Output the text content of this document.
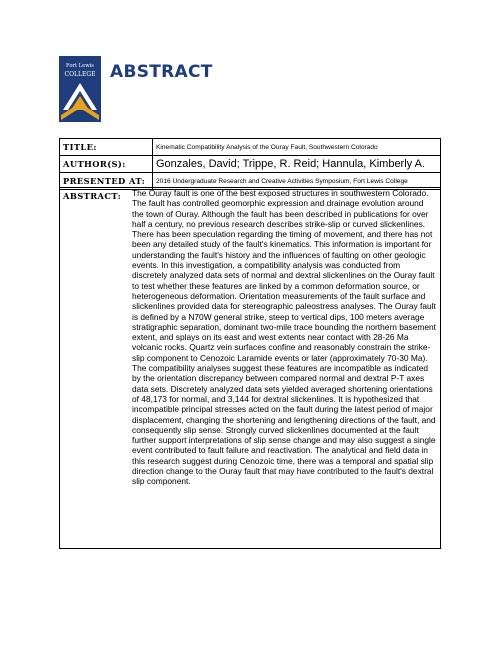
Fort Lewis
COLLEGE ABSTRACT
TITLE:	Kinematic Compatibility Analysis of the Ouray Fault, Southwestern Colorado
AUTHOR(S):	Gonzales, David; Trippe, R. Reid; Hannula, Kimberly A.
PRESENTED AT:	2016 Undergraduate Research and Creative Activities Symposium, Fort Lewis College
ABSTRACT: The Ouray fault is one of the best exposed structures in southwestern Colorado. The fault has controlled geomorphic expression and drainage evolution around the town of Ouray. Although the fault has been described in publications for over half a century, no previous research describes strike-slip or curved slickenlines. There has been speculation regarding the timing of movement, and there has not been any detailed study of the fault's kinematics. This information is important for understanding the fault's history and the influences of faulting on other geologic events. In this investigation, a compatibility analysis was conducted from discretely analyzed data sets of normal and dextral slickenlines on the Ouray fault to test whether these features are linked by a common deformation source, or heterogeneous deformation. Orientation measurements of the fault surface and slickenlines provided data for stereographic paleostress analyses. The Ouray fault is defined by a N70W general strike, steep to vertical dips, 100 meters average stratigraphic separation, dominant two-mile trace bounding the northern basement extent, and splays on its east and west extents near contact with 28-26 Ma volcanic rocks. Quartz vein surfaces confine and reasonably constrain the strike-slip component to Cenozoic Laramide events or later (approximately 70-30 Ma). The compatibility analyses suggest these features are incompatible as indicated by the orientation discrepancy between compared normal and dextral P-T axes data sets. Discretely analyzed data sets yielded averaged shortening orientations of 48,173 for normal, and 3,144 for dextral slickenlines. It is hypothesized that incompatible principal stresses acted on the fault during the latest period of major displacement, changing the shortening and lengthening directions of the fault, and consequently slip sense. Strongly curved slickenlines documented at the fault further support interpretations of slip sense change and may also suggest a single event contributed to fault failure and reactivation. The analytical and field data in this research suggest during Cenozoic time, there was a temporal and spatial slip direction change to the Ouray fault that may have contributed to the fault's dextral slip component.
